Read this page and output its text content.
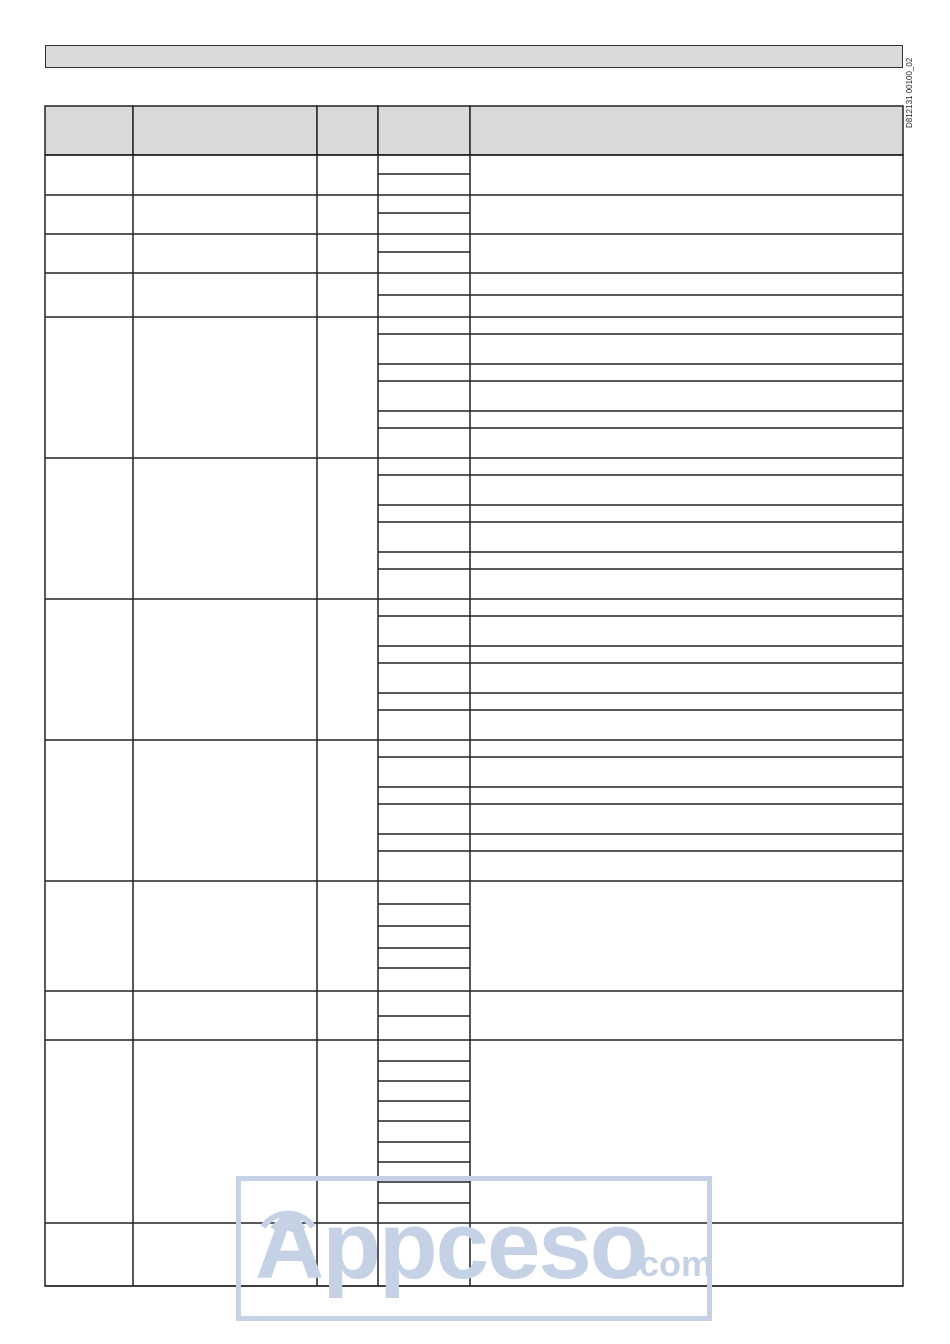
D812131 00100_02
Appceso
.com
